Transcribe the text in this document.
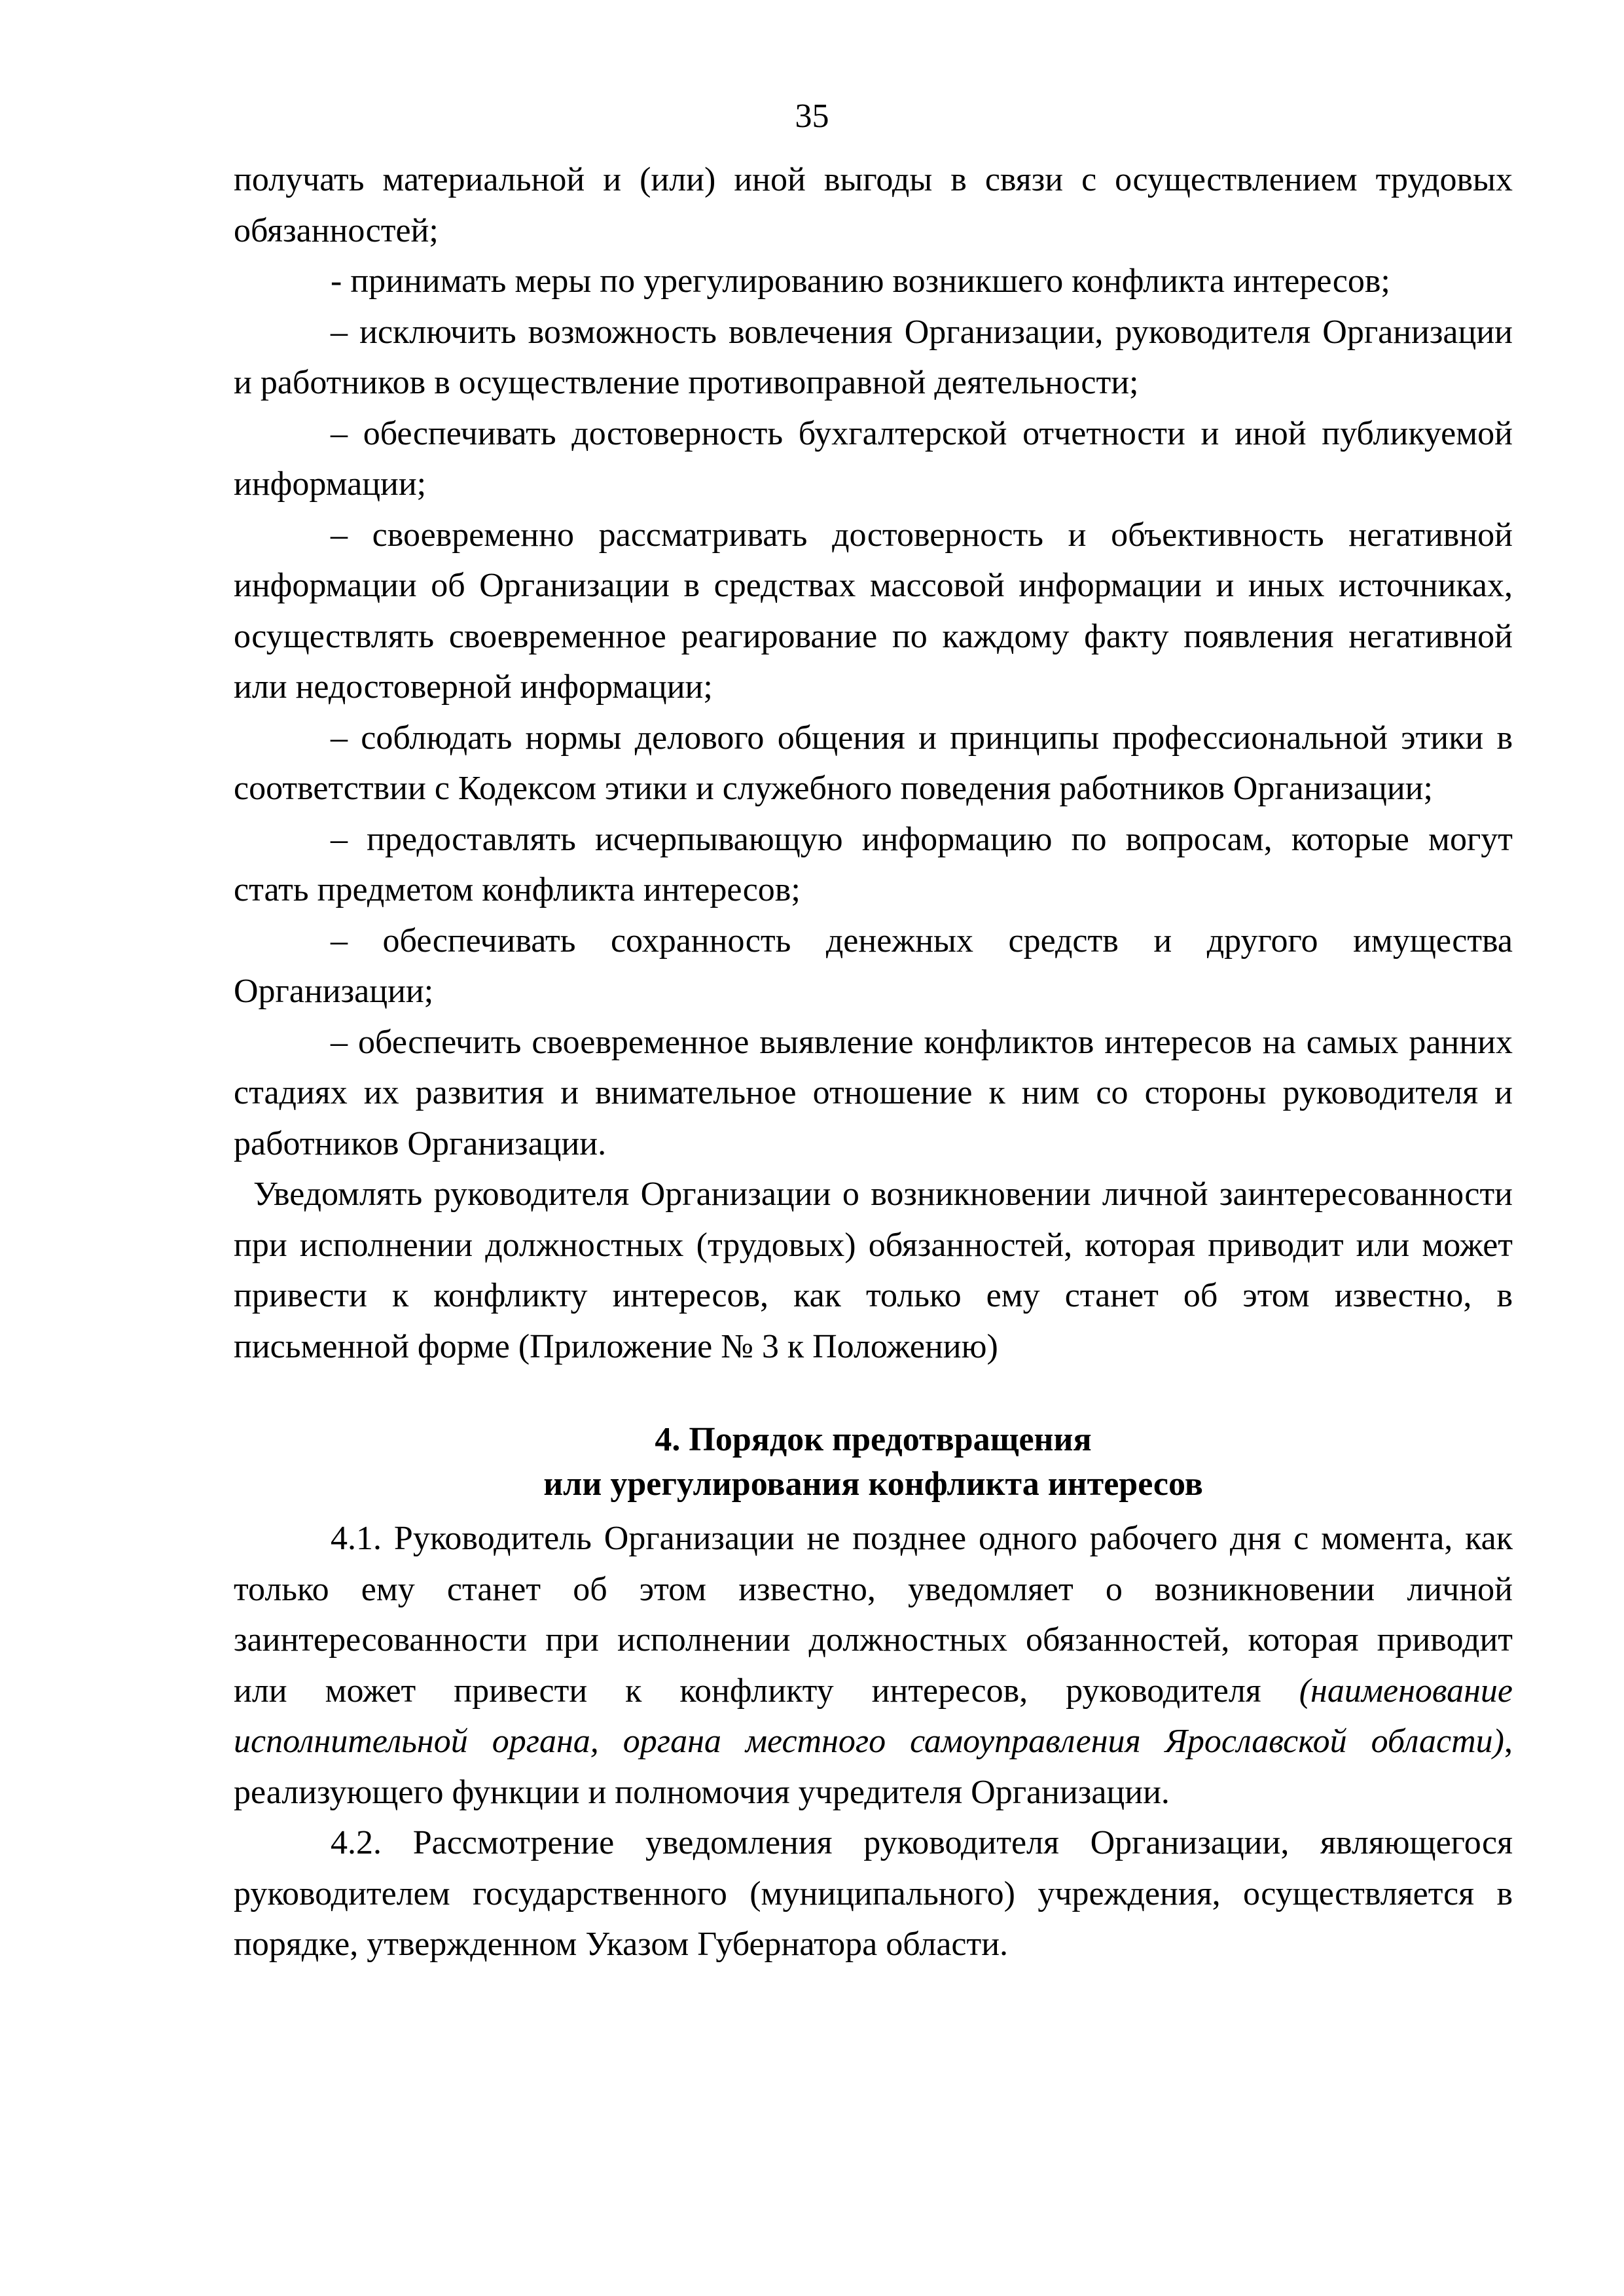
35

получать материальной и (или) иной выгоды в связи с осуществлением трудовых обязанностей;

- принимать меры по урегулированию возникшего конфликта интересов;

– исключить возможность вовлечения Организации, руководителя Организации и работников в осуществление противоправной деятельности;

– обеспечивать достоверность бухгалтерской отчетности и иной публикуемой информации;

– своевременно рассматривать достоверность и объективность негативной информации об Организации в средствах массовой информации и иных источниках, осуществлять своевременное реагирование по каждому факту появления негативной или недостоверной информации;

– соблюдать нормы делового общения и принципы профессиональной этики в соответствии с Кодексом этики и служебного поведения работников Организации;

– предоставлять исчерпывающую информацию по вопросам, которые могут стать предметом конфликта интересов;

– обеспечивать сохранность денежных средств и другого имущества Организации;

– обеспечить своевременное выявление конфликтов интересов на самых ранних стадиях их развития и внимательное отношение к ним со стороны руководителя и работников Организации.

Уведомлять руководителя Организации о возникновении личной заинтересованности при исполнении должностных (трудовых) обязанностей, которая приводит или может привести к конфликту интересов, как только ему станет об этом известно, в письменной форме (Приложение № 3 к Положению)

4. Порядок предотвращения

или урегулирования конфликта интересов

4.1. Руководитель Организации не позднее одного рабочего дня с момента, как только ему станет об этом известно, уведомляет о возникновении личной заинтересованности при исполнении должностных обязанностей, которая приводит или может привести к конфликту интересов, руководителя (наименование исполнительной органа, органа местного самоуправления Ярославской области), реализующего функции и полномочия учредителя Организации.

4.2. Рассмотрение уведомления руководителя Организации, являющегося руководителем государственного (муниципального) учреждения, осуществляется в порядке, утвержденном Указом Губернатора области.
